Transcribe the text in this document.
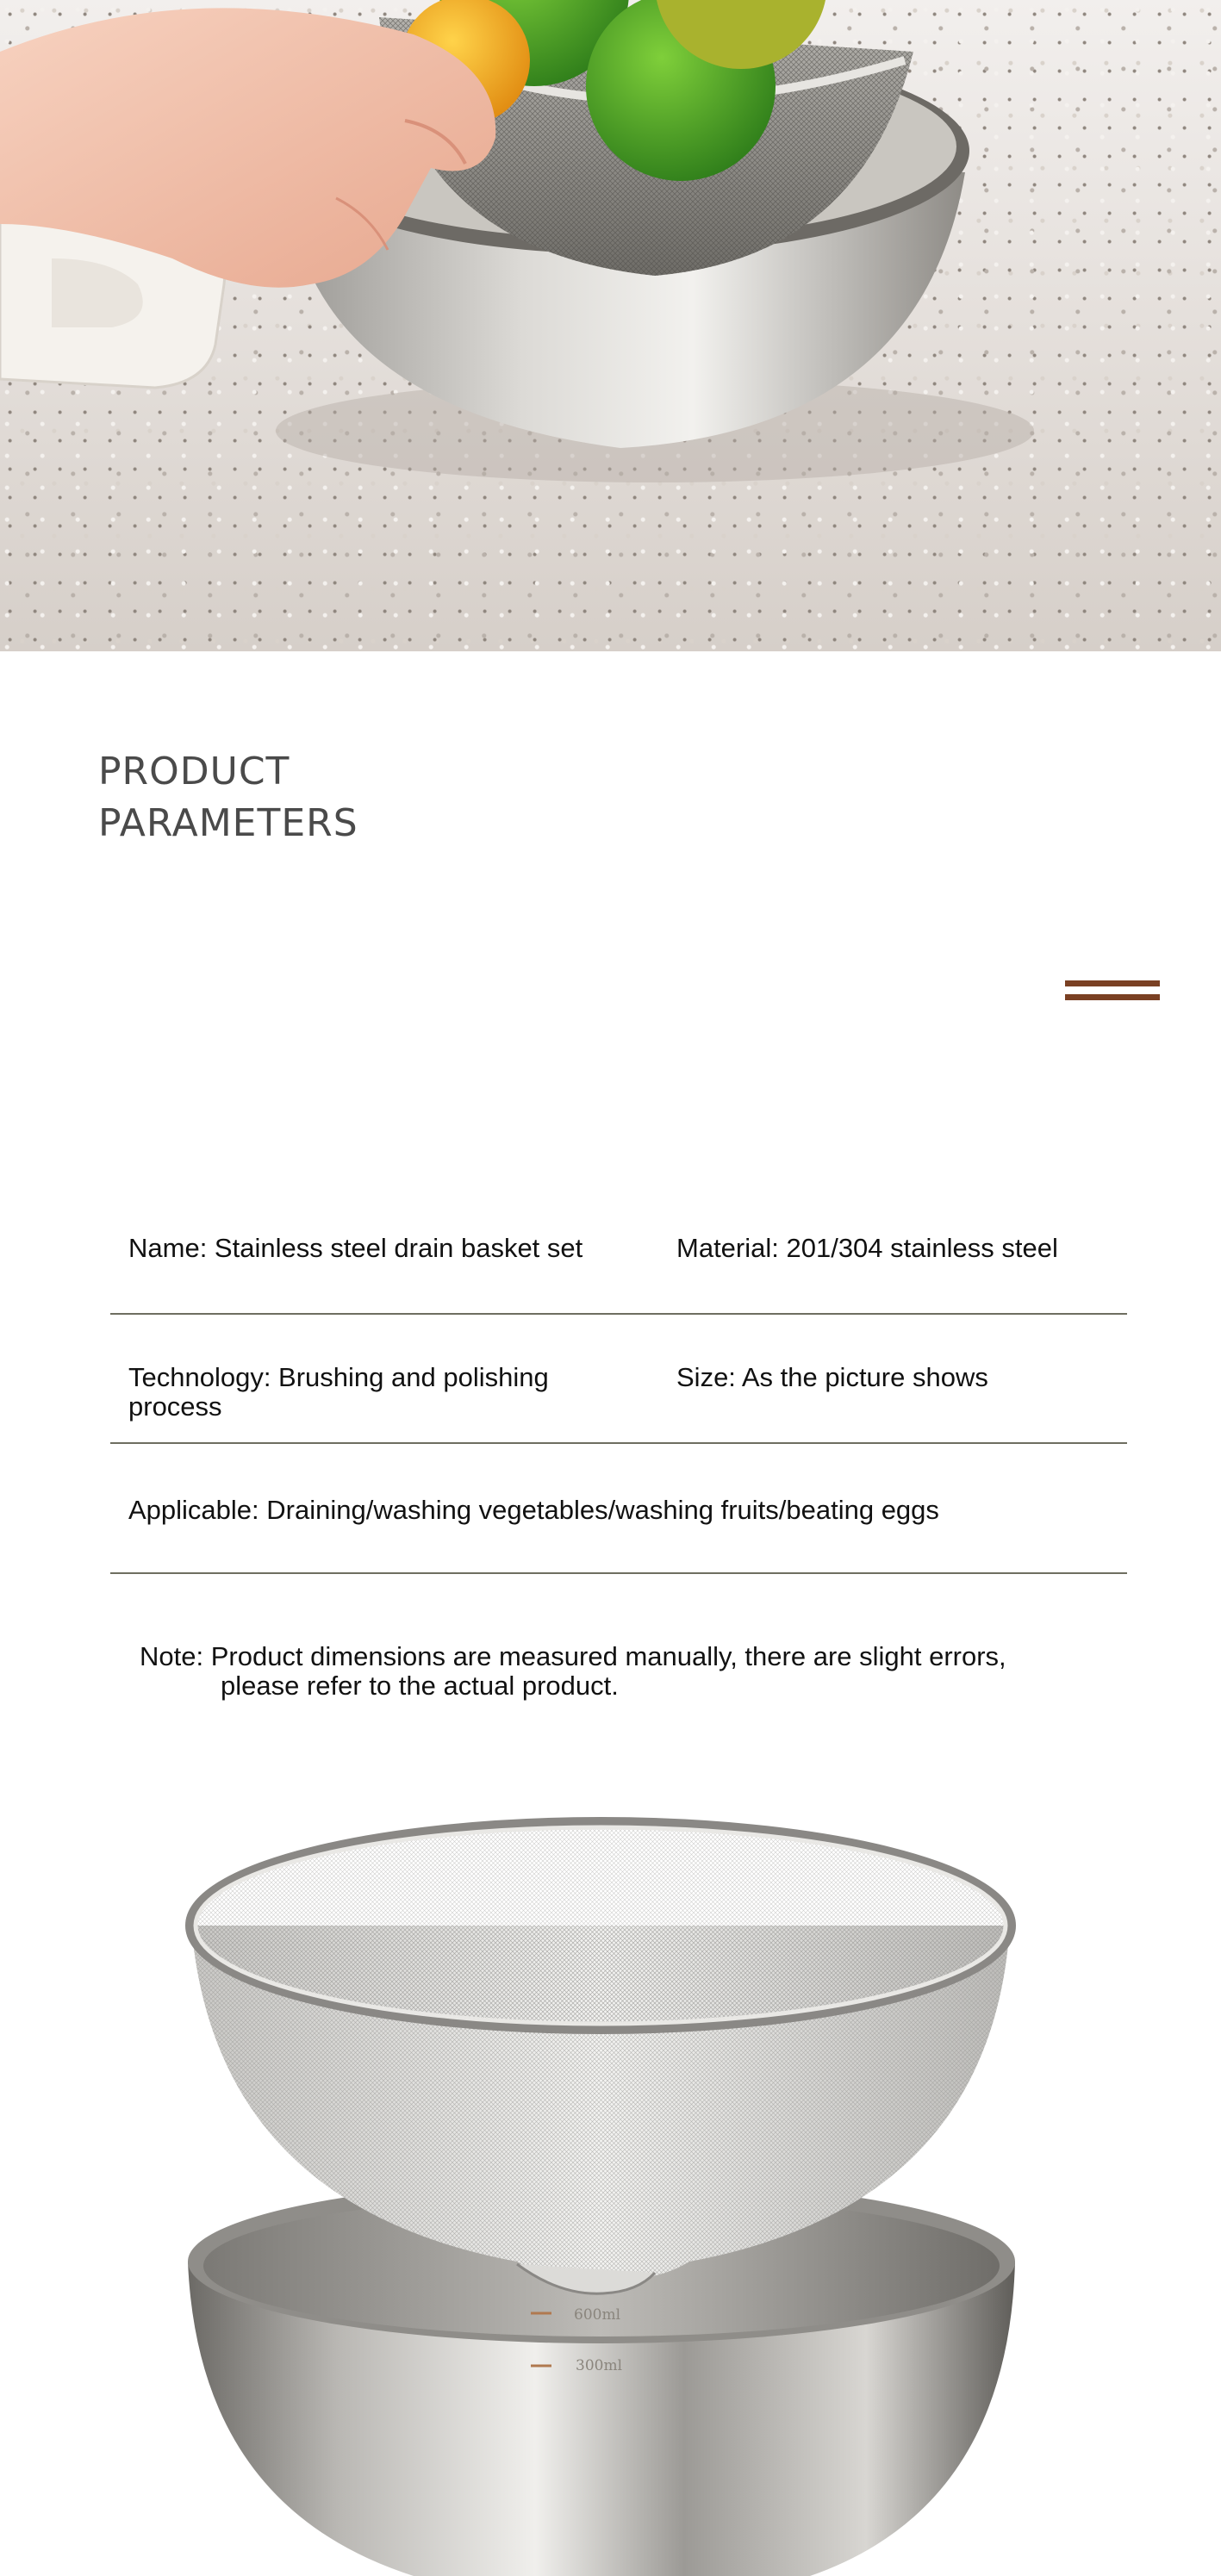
PRODUCT
PARAMETERS
Name: Stainless steel drain basket set	Material: 201/304 stainless steel
Technology: Brushing and polishing process
Size: As the picture shows
Applicable: Draining/washing vegetables/washing fruits/beating eggs
Note: Product dimensions are measured manually, there are slight errors,
please refer to the actual product.
600ml
300ml
